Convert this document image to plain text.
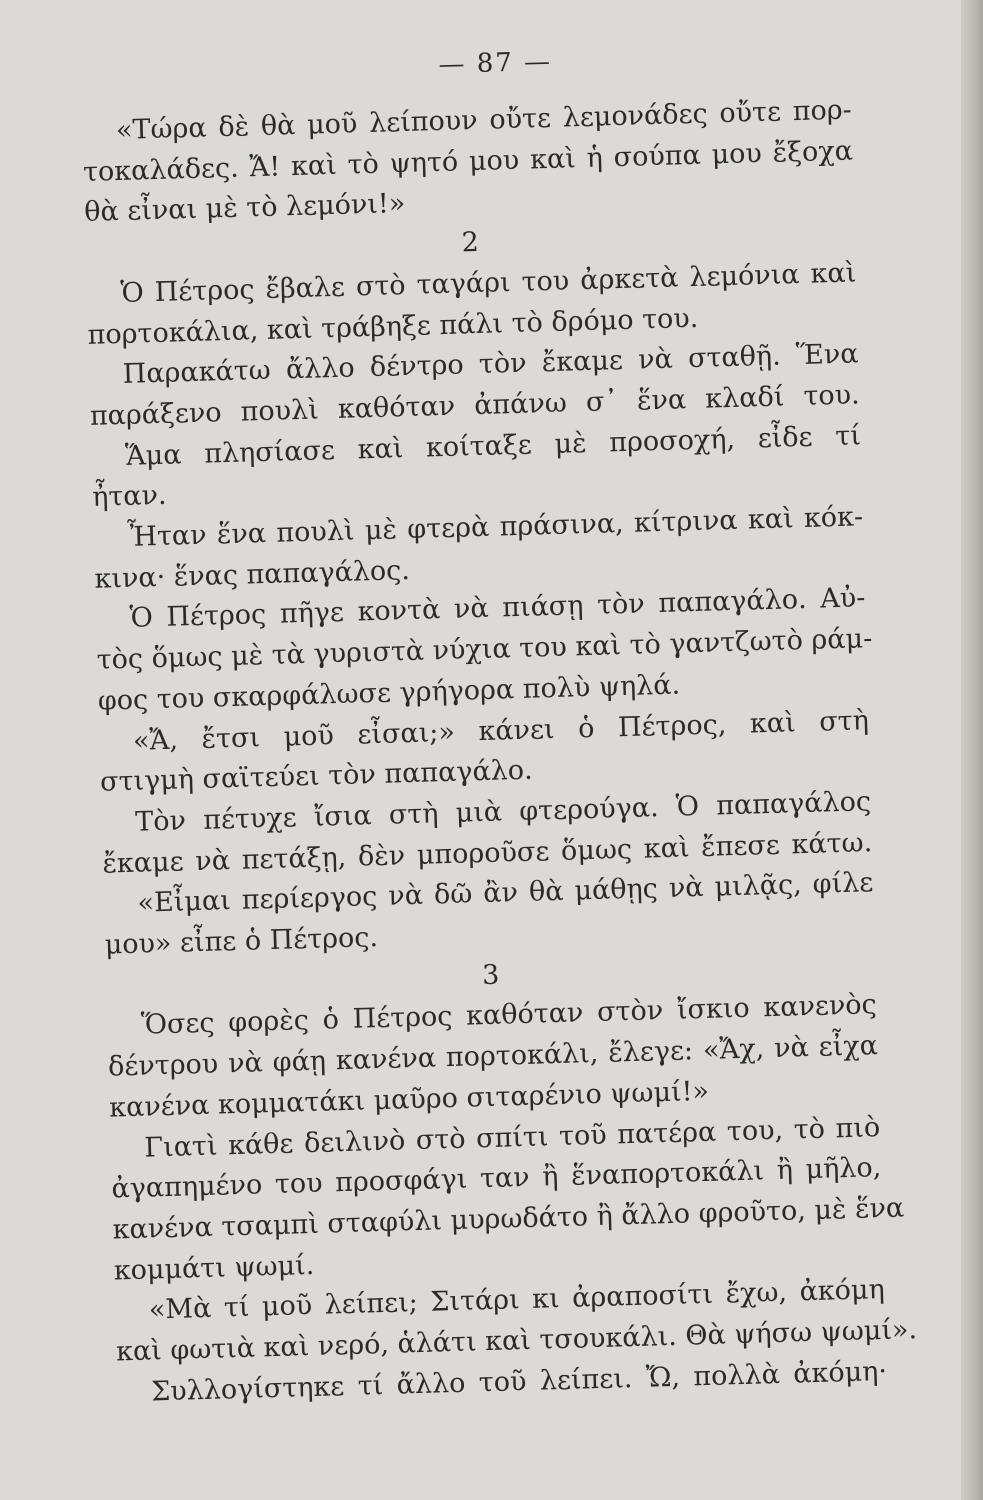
— 87 —
«Τώρα δὲ θὰ μοῦ λείπουν οὔτε λεμονάδες οὔτε πορ-
τοκαλάδες. Ἄ! καὶ τὸ ψητό μου καὶ ἡ σούπα μου ἔξοχα
θὰ εἶναι μὲ τὸ λεμόνι!»
2
Ὁ Πέτρος ἔβαλε στὸ ταγάρι του ἀρκετὰ λεμόνια καὶ
πορτοκάλια, καὶ τράβηξε πάλι τὸ δρόμο του.
Παρακάτω ἄλλο δέντρο τὸν ἔκαμε νὰ σταθῇ. Ἕνα
παράξενο πουλὶ καθόταν ἀπάνω σ᾽ ἕνα κλαδί του.
Ἅμα πλησίασε καὶ κοίταξε μὲ προσοχή, εἶδε τί
ἦταν.
Ἦταν ἕνα πουλὶ μὲ φτερὰ πράσινα, κίτρινα καὶ κόκ-
κινα· ἕνας παπαγάλος.
Ὁ Πέτρος πῆγε κοντὰ νὰ πιάσῃ τὸν παπαγάλο. Αὐ-
τὸς ὅμως μὲ τὰ γυριστὰ νύχια του καὶ τὸ γαντζωτὸ ράμ-
φος του σκαρφάλωσε γρήγορα πολὺ ψηλά.
«Ἄ, ἔτσι μοῦ εἶσαι;» κάνει ὁ Πέτρος, καὶ στὴ
στιγμὴ σαϊτεύει τὸν παπαγάλο.
Τὸν πέτυχε ἴσια στὴ μιὰ φτερούγα. Ὁ παπαγάλος
ἔκαμε νὰ πετάξῃ, δὲν μποροῦσε ὅμως καὶ ἔπεσε κάτω.
«Εἶμαι περίεργος νὰ δῶ ἂν θὰ μάθῃς νὰ μιλᾷς, φίλε
μου» εἶπε ὁ Πέτρος.
3
Ὅσες φορὲς ὁ Πέτρος καθόταν στὸν ἴσκιο κανενὸς
δέντρου νὰ φάῃ κανένα πορτοκάλι, ἔλεγε: «Ἄχ, νὰ εἶχα
κανένα κομματάκι μαῦρο σιταρένιο ψωμί!»
Γιατὶ κάθε δειλινὸ στὸ σπίτι τοῦ πατέρα του, τὸ πιὸ
ἀγαπημένο του προσφάγι ταν ἢ ἕναπορτοκάλι ἢ μῆλο,
κανένα τσαμπὶ σταφύλι μυρωδάτο ἢ ἄλλο φροῦτο, μὲ ἕνα
κομμάτι ψωμί.
«Μὰ τί μοῦ λείπει; Σιτάρι κι ἀραποσίτι ἔχω, ἀκόμη
καὶ φωτιὰ καὶ νερό, ἁλάτι καὶ τσουκάλι. Θὰ ψήσω ψωμί».
Συλλογίστηκε τί ἄλλο τοῦ λείπει. Ὤ, πολλὰ ἀκόμη·
